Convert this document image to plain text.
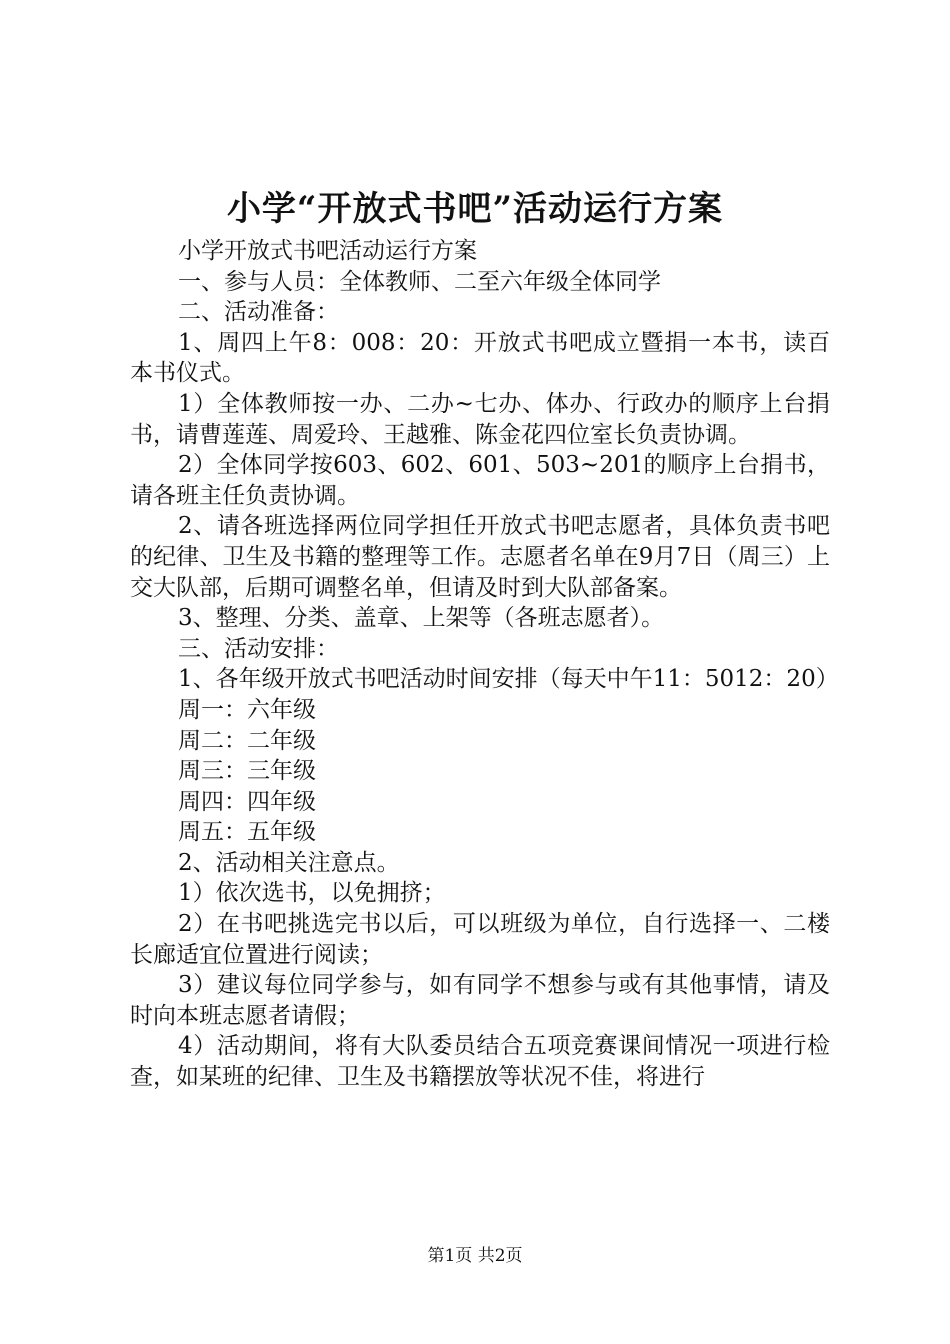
小学“开放式书吧”活动运行方案

小学开放式书吧活动运行方案

一、参与人员：全体教师、二至六年级全体同学

二、活动准备：

1、周四上午8：008：20：开放式书吧成立暨捐一本书，读百本书仪式。

1）全体教师按一办、二办~七办、体办、行政办的顺序上台捐书，请曹莲莲、周爱玲、王越雅、陈金花四位室长负责协调。

2）全体同学按603、602、601、503~201的顺序上台捐书，请各班主任负责协调。

2、请各班选择两位同学担任开放式书吧志愿者，具体负责书吧的纪律、卫生及书籍的整理等工作。志愿者名单在9月7日（周三）上交大队部，后期可调整名单，但请及时到大队部备案。

3、整理、分类、盖章、上架等（各班志愿者）。

三、活动安排：

1、各年级开放式书吧活动时间安排（每天中午11：5012：20）

周一：六年级

周二：二年级

周三：三年级

周四：四年级

周五：五年级

2、活动相关注意点。

1）依次选书，以免拥挤；

2）在书吧挑选完书以后，可以班级为单位，自行选择一、二楼长廊适宜位置进行阅读；

3）建议每位同学参与，如有同学不想参与或有其他事情，请及时向本班志愿者请假；

4）活动期间，将有大队委员结合五项竞赛课间情况一项进行检查，如某班的纪律、卫生及书籍摆放等状况不佳，将进行

第1页 共2页
